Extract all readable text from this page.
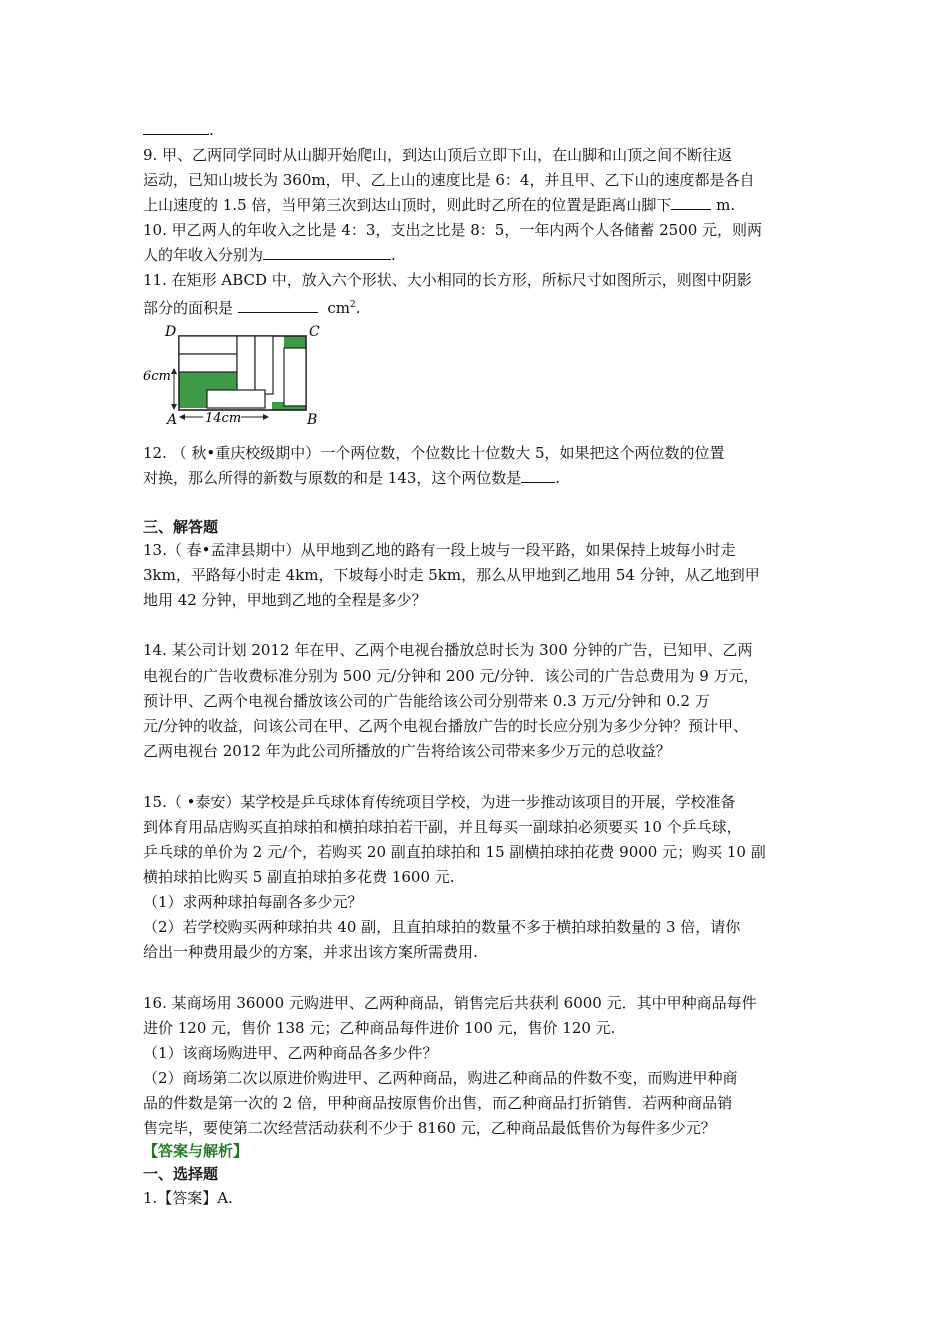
.
9. 甲、乙两同学同时从山脚开始爬山，到达山顶后立即下山，在山脚和山顶之间不断往返
运动，已知山坡长为 360m，甲、乙上山的速度比是 6：4，并且甲、乙下山的速度都是各自
上山速度的 1.5 倍，当甲第三次到达山顶时，则此时乙所在的位置是距离山脚下	m.
10. 甲乙两人的年收入之比是 4：3，支出之比是 8：5，一年内两个人各储蓄 2500 元，则两
人的年收入分别为	.
11. 在矩形 ABCD 中，放入六个形状、大小相同的长方形，所标尺寸如图所示，则图中阴影
部分的面积是	$cm^2$.
D	C
A	B
6cm
14cm
12. （ 秋•重庆校级期中）一个两位数，个位数比十位数大 5，如果把这个两位数的位置
对换，那么所得的新数与原数的和是 143，这个两位数是 .
三、解答题
13.（ 春•孟津县期中）从甲地到乙地的路有一段上坡与一段平路，如果保持上坡每小时走
3km，平路每小时走 4km，下坡每小时走 5km，那么从甲地到乙地用 54 分钟，从乙地到甲
地用 42 分钟，甲地到乙地的全程是多少？
14. 某公司计划 2012 年在甲、乙两个电视台播放总时长为 300 分钟的广告，已知甲、乙两
电视台的广告收费标准分别为 500 元/分钟和 200 元/分钟．该公司的广告总费用为 9 万元，
预计甲、乙两个电视台播放该公司的广告能给该公司分别带来 0.3 万元/分钟和 0.2 万
元/分钟的收益，问该公司在甲、乙两个电视台播放广告的时长应分别为多少分钟？预计甲、
乙两电视台 2012 年为此公司所播放的广告将给该公司带来多少万元的总收益？
15.（ •泰安）某学校是乒乓球体育传统项目学校，为进一步推动该项目的开展，学校准备
到体育用品店购买直拍球拍和横拍球拍若干副，并且每买一副球拍必须要买 10 个乒乓球，
乒乓球的单价为 2 元/个，若购买 20 副直拍球拍和 15 副横拍球拍花费 9000 元；购买 10 副
横拍球拍比购买 5 副直拍球拍多花费 1600 元.
（1）求两种球拍每副各多少元？
（2）若学校购买两种球拍共 40 副，且直拍球拍的数量不多于横拍球拍数量的 3 倍，请你
给出一种费用最少的方案，并求出该方案所需费用.
16. 某商场用 36000 元购进甲、乙两种商品，销售完后共获利 6000 元．其中甲种商品每件
进价 120 元，售价 138 元；乙种商品每件进价 100 元，售价 120 元.
（1）该商场购进甲、乙两种商品各多少件？
（2）商场第二次以原进价购进甲、乙两种商品，购进乙种商品的件数不变，而购进甲种商
品的件数是第一次的 2 倍，甲种商品按原售价出售，而乙种商品打折销售．若两种商品销
售完毕，要使第二次经营活动获利不少于 8160 元，乙种商品最低售价为每件多少元？
【答案与解析】
一、选择题
1.【答案】A.
